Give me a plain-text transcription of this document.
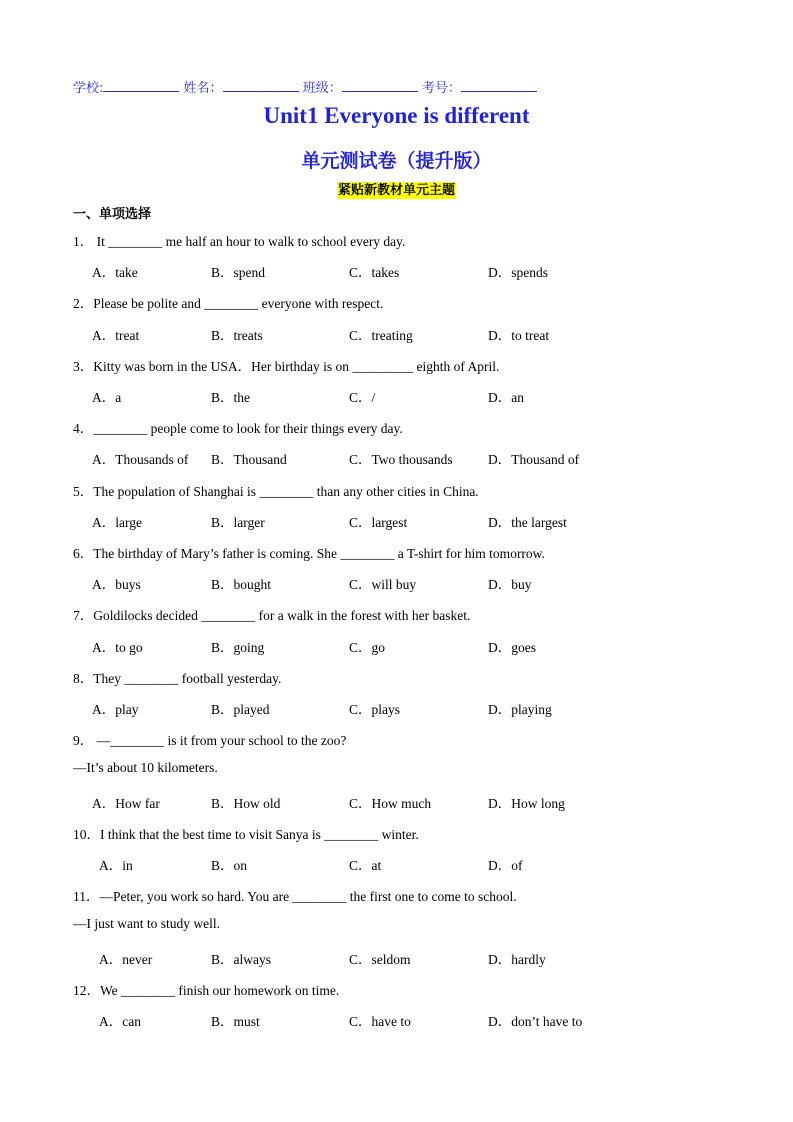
学校:	姓名：	班级：	考号：
Unit1 Everyone is different
单元测试卷（提升版）
紧贴新教材单元主题
一、单项选择
1． It ________ me half an hour to walk to school every day.
A．take	B．spend	C．takes	D．spends
2．Please be polite and ________ everyone with respect.
A．treat	B．treats	C．treating	D．to treat
3．Kitty was born in the USA．Her birthday is on _________ eighth of April.
A．a	B．the	C．/	D．an
4．________ people come to look for their things every day.
A．Thousands of B．Thousand	C．Two thousands	D．Thousand of
5．The population of Shanghai is ________ than any other cities in China.
A．large	B．larger	C．largest	D．the largest
6．The birthday of Mary’s father is coming. She ________ a T-shirt for him tomorrow.
A．buys	B．bought	C．will buy	D．buy
7．Goldilocks decided ________ for a walk in the forest with her basket.
A．to go	B．going	C．go	D．goes
8．They ________ football yesterday.
A．play	B．played	C．plays	D．playing
9． —________ is it from your school to the zoo?
—It’s about 10 kilometers.
A．How far	B．How old	C．How much	D．How long
10．I think that the best time to visit Sanya is ________ winter.
A．in	B．on	C．at	D．of
11．—Peter, you work so hard. You are ________ the first one to come to school.
—I just want to study well.
A．never	B．always	C．seldom	D．hardly
12．We ________ finish our homework on time.
A．can	B．must	C．have to	D．don’t have to
